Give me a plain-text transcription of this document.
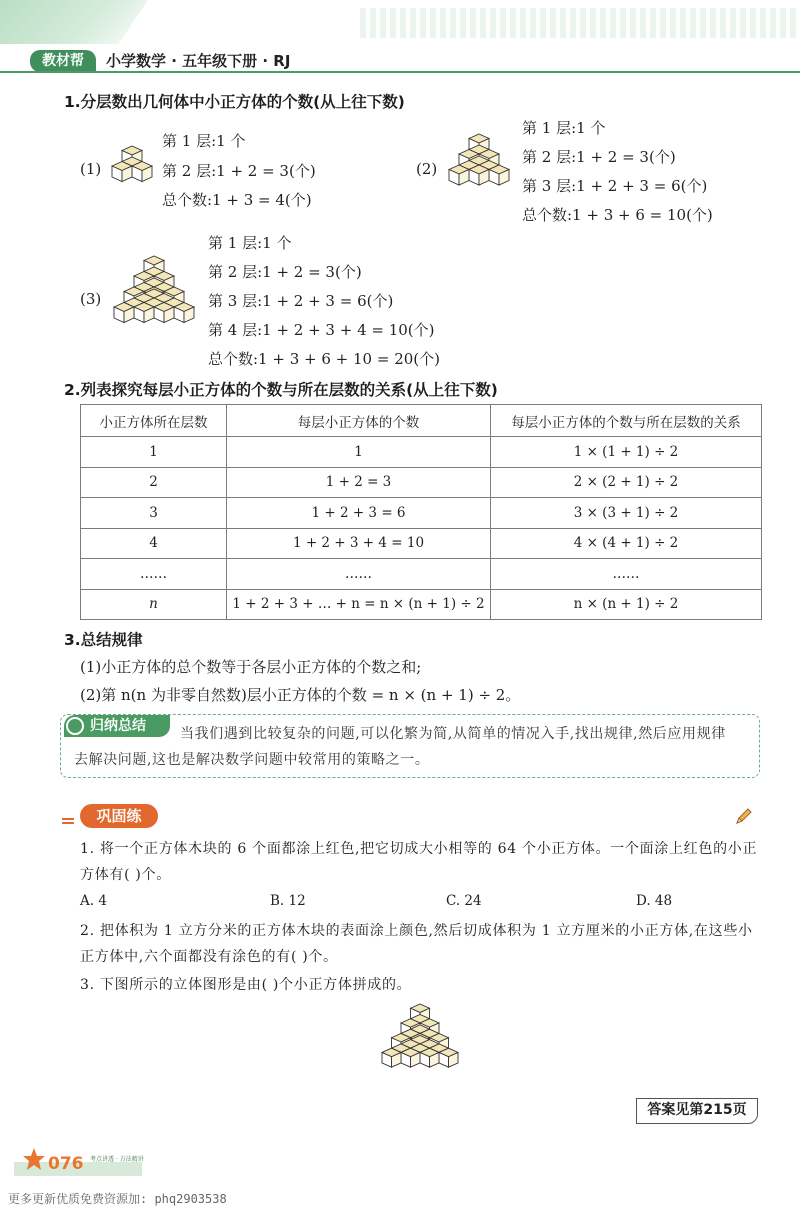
教材帮	小学数学 · 五年级下册 · RJ
1.分层数出几何体中小正方体的个数(从上往下数)
(1)
第 1 层:1 个
第 2 层:1 + 2 = 3(个)
总个数:1 + 3 = 4(个)
(2)
第 1 层:1 个
第 2 层:1 + 2 = 3(个)
第 3 层:1 + 2 + 3 = 6(个)
总个数:1 + 3 + 6 = 10(个)
(3)
第 1 层:1 个
第 2 层:1 + 2 = 3(个)
第 3 层:1 + 2 + 3 = 6(个)
第 4 层:1 + 2 + 3 + 4 = 10(个)
总个数:1 + 3 + 6 + 10 = 20(个)
2.列表探究每层小正方体的个数与所在层数的关系(从上往下数)
小正方体所在层数	每层小正方体的个数	每层小正方体的个数与所在层数的关系
1	1	1 × (1 + 1) ÷ 2
2	1 + 2 = 3	2 × (2 + 1) ÷ 2
3	1 + 2 + 3 = 6	3 × (3 + 1) ÷ 2
4	1 + 2 + 3 + 4 = 10	4 × (4 + 1) ÷ 2
……	……	……
n	1 + 2 + 3 + … + n = n × (n + 1) ÷ 2	n × (n + 1) ÷ 2
3.总结规律
(1)小正方体的总个数等于各层小正方体的个数之和;
(2)第 n(n 为非零自然数)层小正方体的个数 = n × (n + 1) ÷ 2。
归纳总结	当我们遇到比较复杂的问题,可以化繁为简,从简单的情况入手,找出规律,然后应用规律
去解决问题,这也是解决数学问题中较常用的策略之一。
巩固练
1. 将一个正方体木块的 6 个面都涂上红色,把它切成大小相等的 64 个小正方体。一个面涂上红色的小正
方体有( )个。
A. 4	B. 12	C. 24	D. 48
2. 把体积为 1 立方分米的正方体木块的表面涂上颜色,然后切成体积为 1 立方厘米的小正方体,在这些小
正方体中,六个面都没有涂色的有( )个。
3. 下图所示的立体图形是由( )个小正方体拼成的。
答案见第215页
076 考点讲透 · 方法精讲
更多更新优质免费资源加: phq2903538
